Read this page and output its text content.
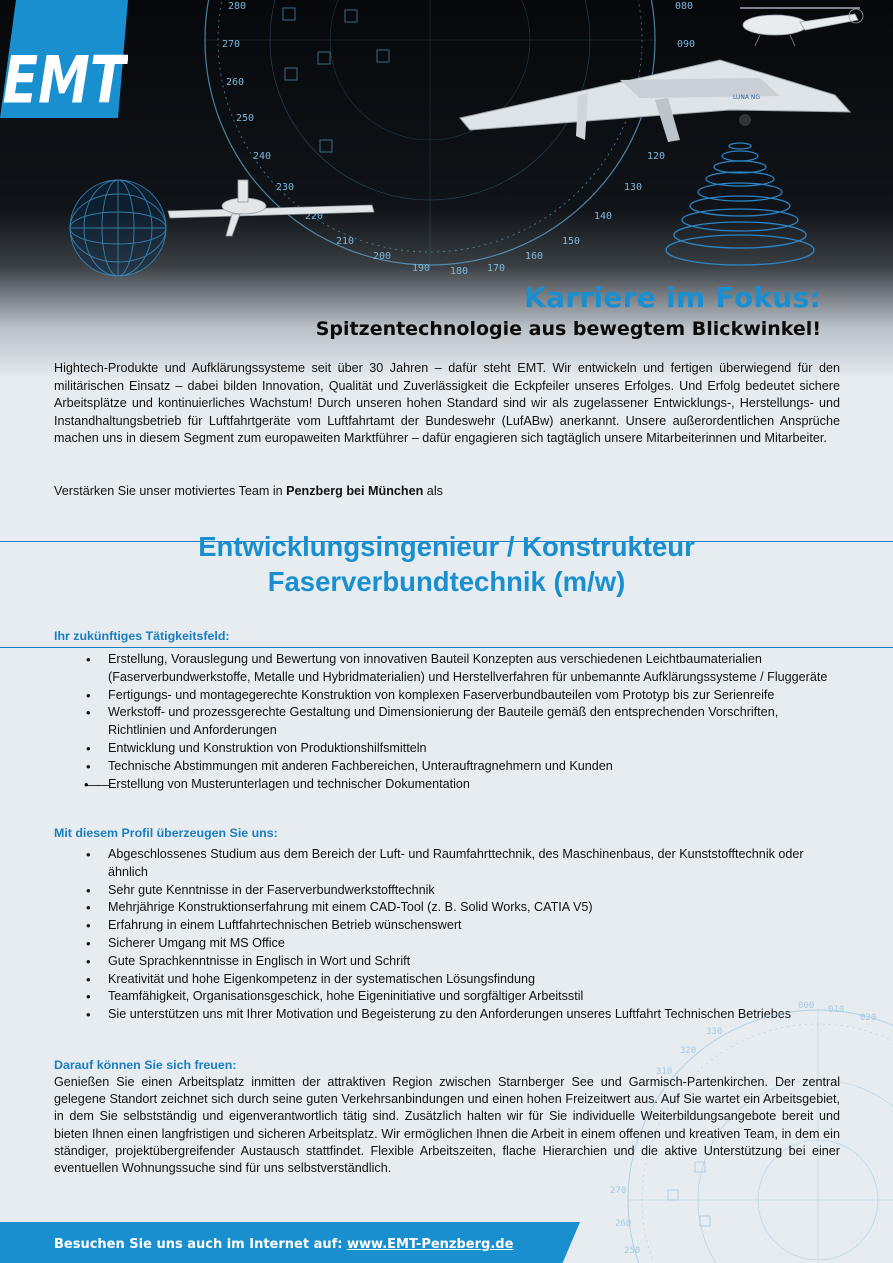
280
270
260
250
240
230
220
210
200
190 180 170
160
150
140
130
120
090
080
LUNA NG
EMT
Karriere im Fokus:
Spitzentechnologie aus bewegtem Blickwinkel!

Hightech-Produkte und Aufklärungssysteme seit über 30 Jahren – dafür steht EMT. Wir entwickeln und fertigen überwiegend für den militärischen Einsatz – dabei bilden Innovation, Qualität und Zuverlässigkeit die Eckpfeiler unseres Erfolges. Und Erfolg bedeutet sichere Arbeitsplätze und kontinuierliches Wachstum! Durch unseren hohen Standard sind wir als zugelassener Entwicklungs-, Herstellungs- und Instandhaltungsbetrieb für Luftfahrtgeräte vom Luftfahrtamt der Bundeswehr (LufABw) anerkannt. Unsere außerordentlichen Ansprüche machen uns in diesem Segment zum europaweiten Marktführer – dafür engagieren sich tagtäglich unsere Mitarbeiterinnen und Mitarbeiter.

Verstärken Sie unser motiviertes Team in Penzberg bei München als

Entwicklungsingenieur / Konstrukteur
Faserverbundtechnik (m/w)
Ihr zukünftiges Tätigkeitsfeld:
• Erstellung, Vorauslegung und Bewertung von innovativen Bauteil Konzepten aus verschiedenen Leichtbaumaterialien (Faserverbundwerkstoffe, Metalle und Hybridmaterialien) und Herstellverfahren für unbemannte Aufklärungssysteme / Fluggeräte
• Fertigungs- und montagegerechte Konstruktion von komplexen Faserverbundbauteilen vom Prototyp bis zur Serienreife
• Werkstoff- und prozessgerechte Gestaltung und Dimensionierung der Bauteile gemäß den entsprechenden Vorschriften, Richtlinien und Anforderungen
• Entwicklung und Konstruktion von Produktionshilfsmitteln
• Technische Abstimmungen mit anderen Fachbereichen, Unterauftragnehmern und Kunden
•—— Erstellung von Musterunterlagen und technischer Dokumentation
Mit diesem Profil überzeugen Sie uns:
• Abgeschlossenes Studium aus dem Bereich der Luft- und Raumfahrttechnik, des Maschinenbaus, der Kunststofftechnik oder ähnlich
• Sehr gute Kenntnisse in der Faserverbundwerkstofftechnik
• Mehrjährige Konstruktionserfahrung mit einem CAD-Tool (z. B. Solid Works, CATIA V5)
• Erfahrung in einem Luftfahrtechnischen Betrieb wünschenswert
• Sicherer Umgang mit MS Office
• Gute Sprachkenntnisse in Englisch in Wort und Schrift
• Kreativität und hohe Eigenkompetenz in der systematischen Lösungsfindung
• Teamfähigkeit, Organisationsgeschick, hohe Eigeninitiative und sorgfältiger Arbeitsstil
• Sie unterstützen uns mit Ihrer Motivation und Begeisterung zu den Anforderungen unseres Luftfahrt Technischen Betriebes
000 010
020
330
320
310
270
260
250
Darauf können Sie sich freuen:

Genießen Sie einen Arbeitsplatz inmitten der attraktiven Region zwischen Starnberger See und Garmisch-Partenkirchen. Der zentral gelegene Standort zeichnet sich durch seine guten Verkehrsanbindungen und einen hohen Freizeitwert aus. Auf Sie wartet ein Arbeitsgebiet, in dem Sie selbstständig und eigenverantwortlich tätig sind. Zusätzlich halten wir für Sie individuelle Weiterbildungsangebote bereit und bieten Ihnen einen langfristigen und sicheren Arbeitsplatz. Wir ermöglichen Ihnen die Arbeit in einem offenen und kreativen Team, in dem ein ständiger, projektübergreifender Austausch stattfindet. Flexible Arbeitszeiten, flache Hierarchien und die aktive Unterstützung bei einer eventuellen Wohnungssuche sind für uns selbstverständlich.

Besuchen Sie uns auch im Internet auf: www.EMT-Penzberg.de
